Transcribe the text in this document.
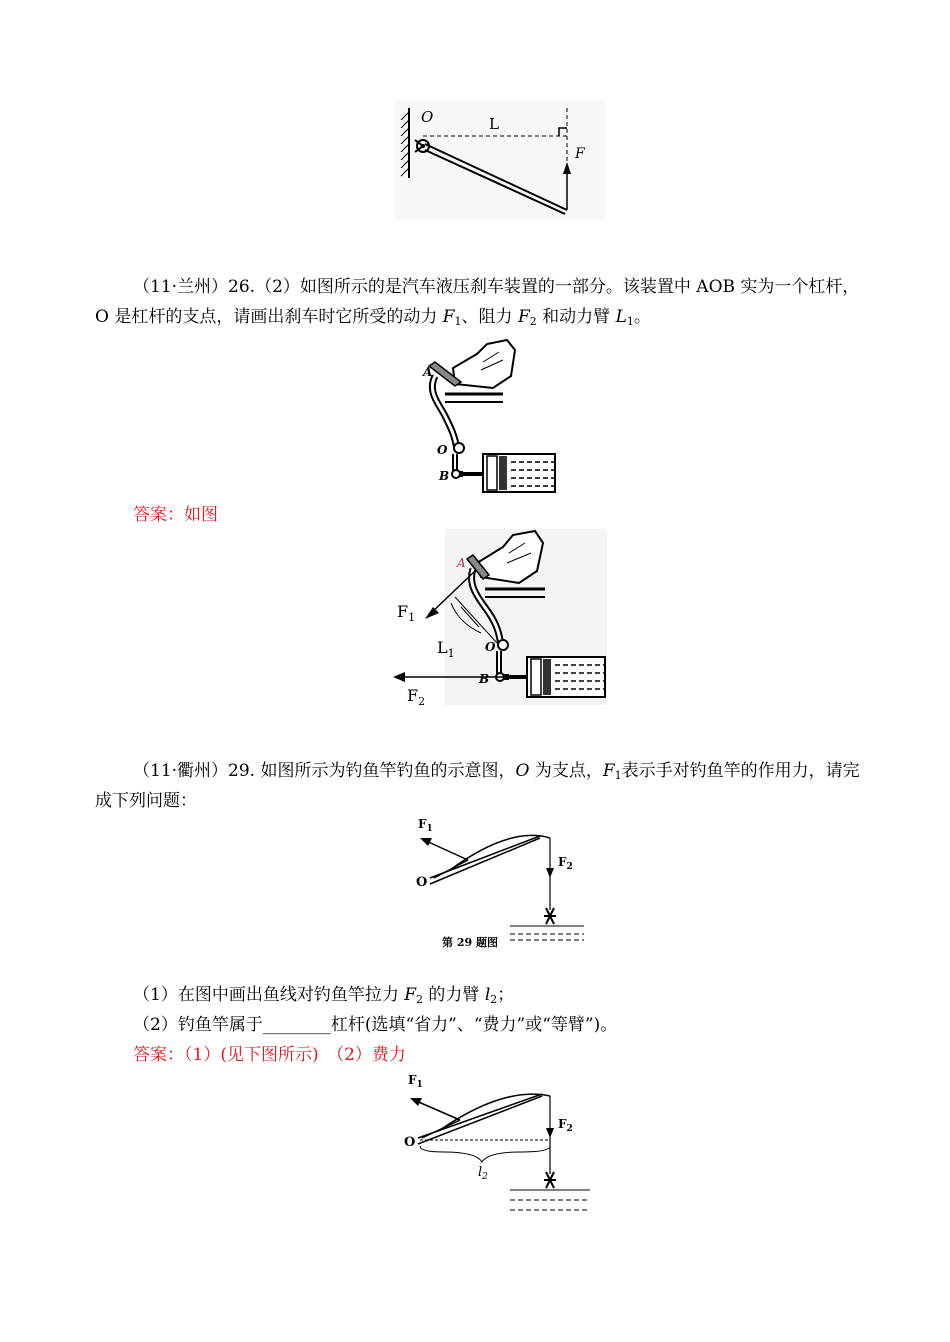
O	L
F
（11·兰州）26.（2）如图所示的是汽车液压刹车装置的一部分。该装置中 AOB 实为一个杠杆，O 是杠杆的支点，请画出刹车时它所受的动力 $F_1$、阻力 $F_2$ 和动力臂 $L_1$。
A
O
B
答案：如图
A
O
B
$F_1$
$L_1$
$F_2$
（11·衢州）29. 如图所示为钓鱼竿钓鱼的示意图，O 为支点，$F_1$表示手对钓鱼竿的作用力，请完成下列问题：
$F_1$
$F_2$
O
第 29 题图
（1）在图中画出鱼线对钓鱼竿拉力 $F_2$ 的力臂 $l_2$；
（2）钓鱼竿属于________杠杆(选填“省力”、“费力”或“等臂”)。
答案：（1）(见下图所示)　（2）费力
$F_1$
$F_2$
O
$l_2$
